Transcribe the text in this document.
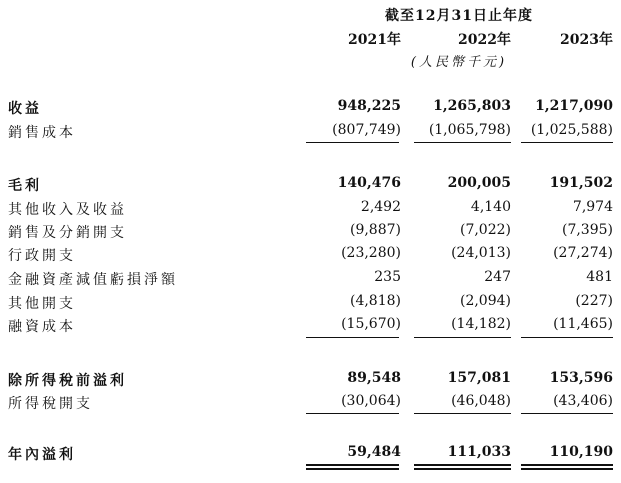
截至12月31日止年度
2021年	2022年	2023年
(人民幣千元)
收益	948,225 1,265,803 1,217,090
銷售成本	(807,749) (1,065,798) (1,025,588)
毛利	140,476	200,005	191,502
其他收入及收益	2,492	4,140	7,974
銷售及分銷開支	(9,887)	(7,022)	(7,395)
行政開支	(23,280)	(24,013)	(27,274)
金融資產減值虧損淨額	235	247	481
其他開支	(4,818)	(2,094)	(227)
融資成本	(15,670)	(14,182)	(11,465)
除所得稅前溢利	89,548	157,081	153,596
所得稅開支	(30,064)	(46,048)	(43,406)
年內溢利	59,484	111,033	110,190
